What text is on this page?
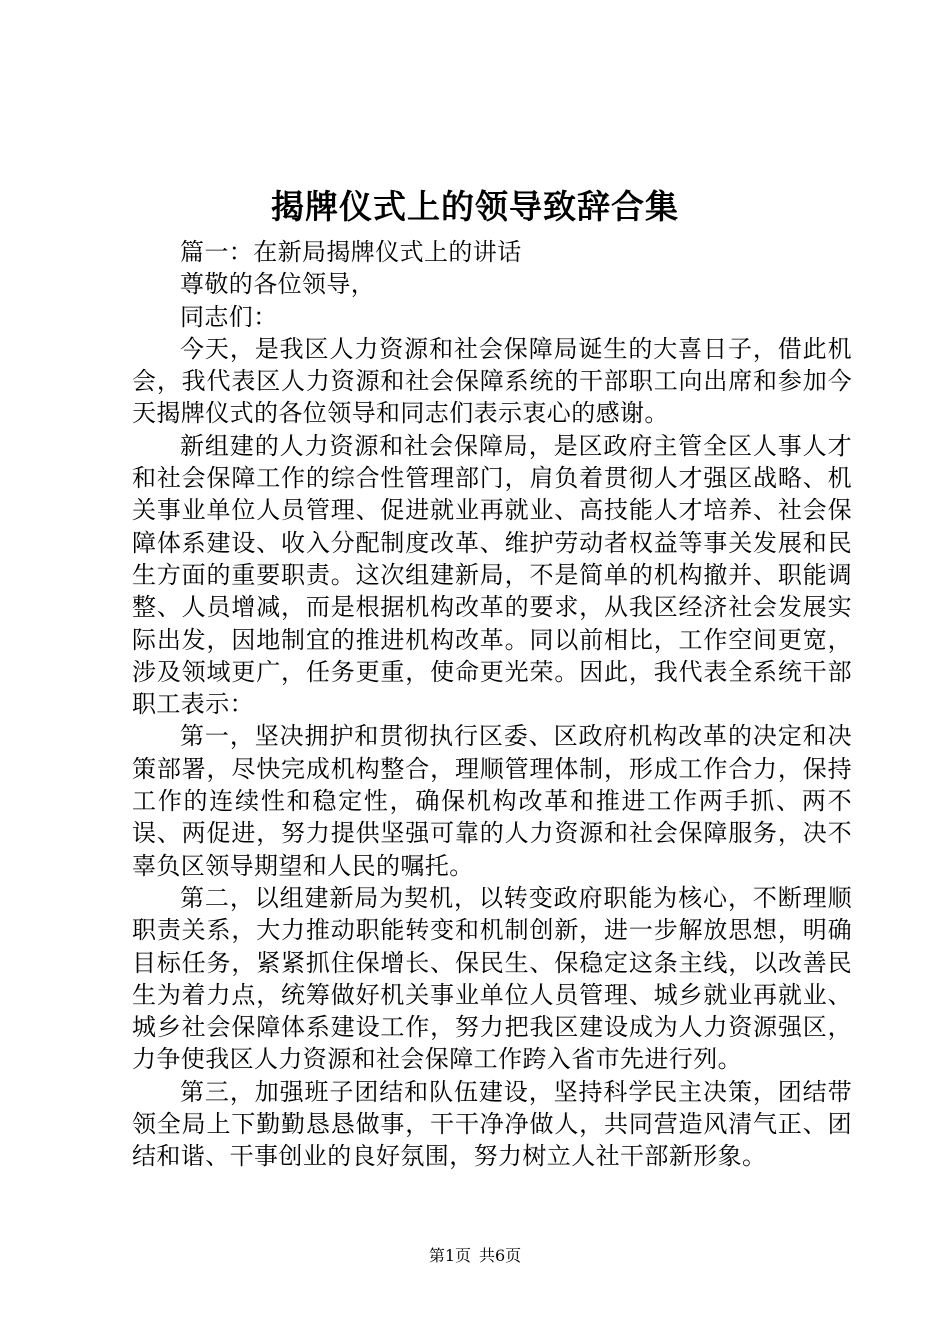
揭牌仪式上的领导致辞合集

篇一：在新局揭牌仪式上的讲话

尊敬的各位领导，

同志们：

今天，是我区人力资源和社会保障局诞生的大喜日子，借此机会，我代表区人力资源和社会保障系统的干部职工向出席和参加今天揭牌仪式的各位领导和同志们表示衷心的感谢。

新组建的人力资源和社会保障局，是区政府主管全区人事人才和社会保障工作的综合性管理部门，肩负着贯彻人才强区战略、机关事业单位人员管理、促进就业再就业、高技能人才培养、社会保障体系建设、收入分配制度改革、维护劳动者权益等事关发展和民生方面的重要职责。这次组建新局，不是简单的机构撤并、职能调整、人员增减，而是根据机构改革的要求，从我区经济社会发展实际出发，因地制宜的推进机构改革。同以前相比，工作空间更宽，涉及领域更广，任务更重，使命更光荣。因此，我代表全系统干部职工表示：

第一，坚决拥护和贯彻执行区委、区政府机构改革的决定和决策部署，尽快完成机构整合，理顺管理体制，形成工作合力，保持工作的连续性和稳定性，确保机构改革和推进工作两手抓、两不误、两促进，努力提供坚强可靠的人力资源和社会保障服务，决不辜负区领导期望和人民的嘱托。

第二，以组建新局为契机，以转变政府职能为核心，不断理顺职责关系，大力推动职能转变和机制创新，进一步解放思想，明确目标任务，紧紧抓住保增长、保民生、保稳定这条主线，以改善民生为着力点，统筹做好机关事业单位人员管理、城乡就业再就业、城乡社会保障体系建设工作，努力把我区建设成为人力资源强区，力争使我区人力资源和社会保障工作跨入省市先进行列。

第三，加强班子团结和队伍建设，坚持科学民主决策，团结带领全局上下勤勤恳恳做事，干干净净做人，共同营造风清气正、团结和谐、干事创业的良好氛围，努力树立人社干部新形象。

第1页 共6页
